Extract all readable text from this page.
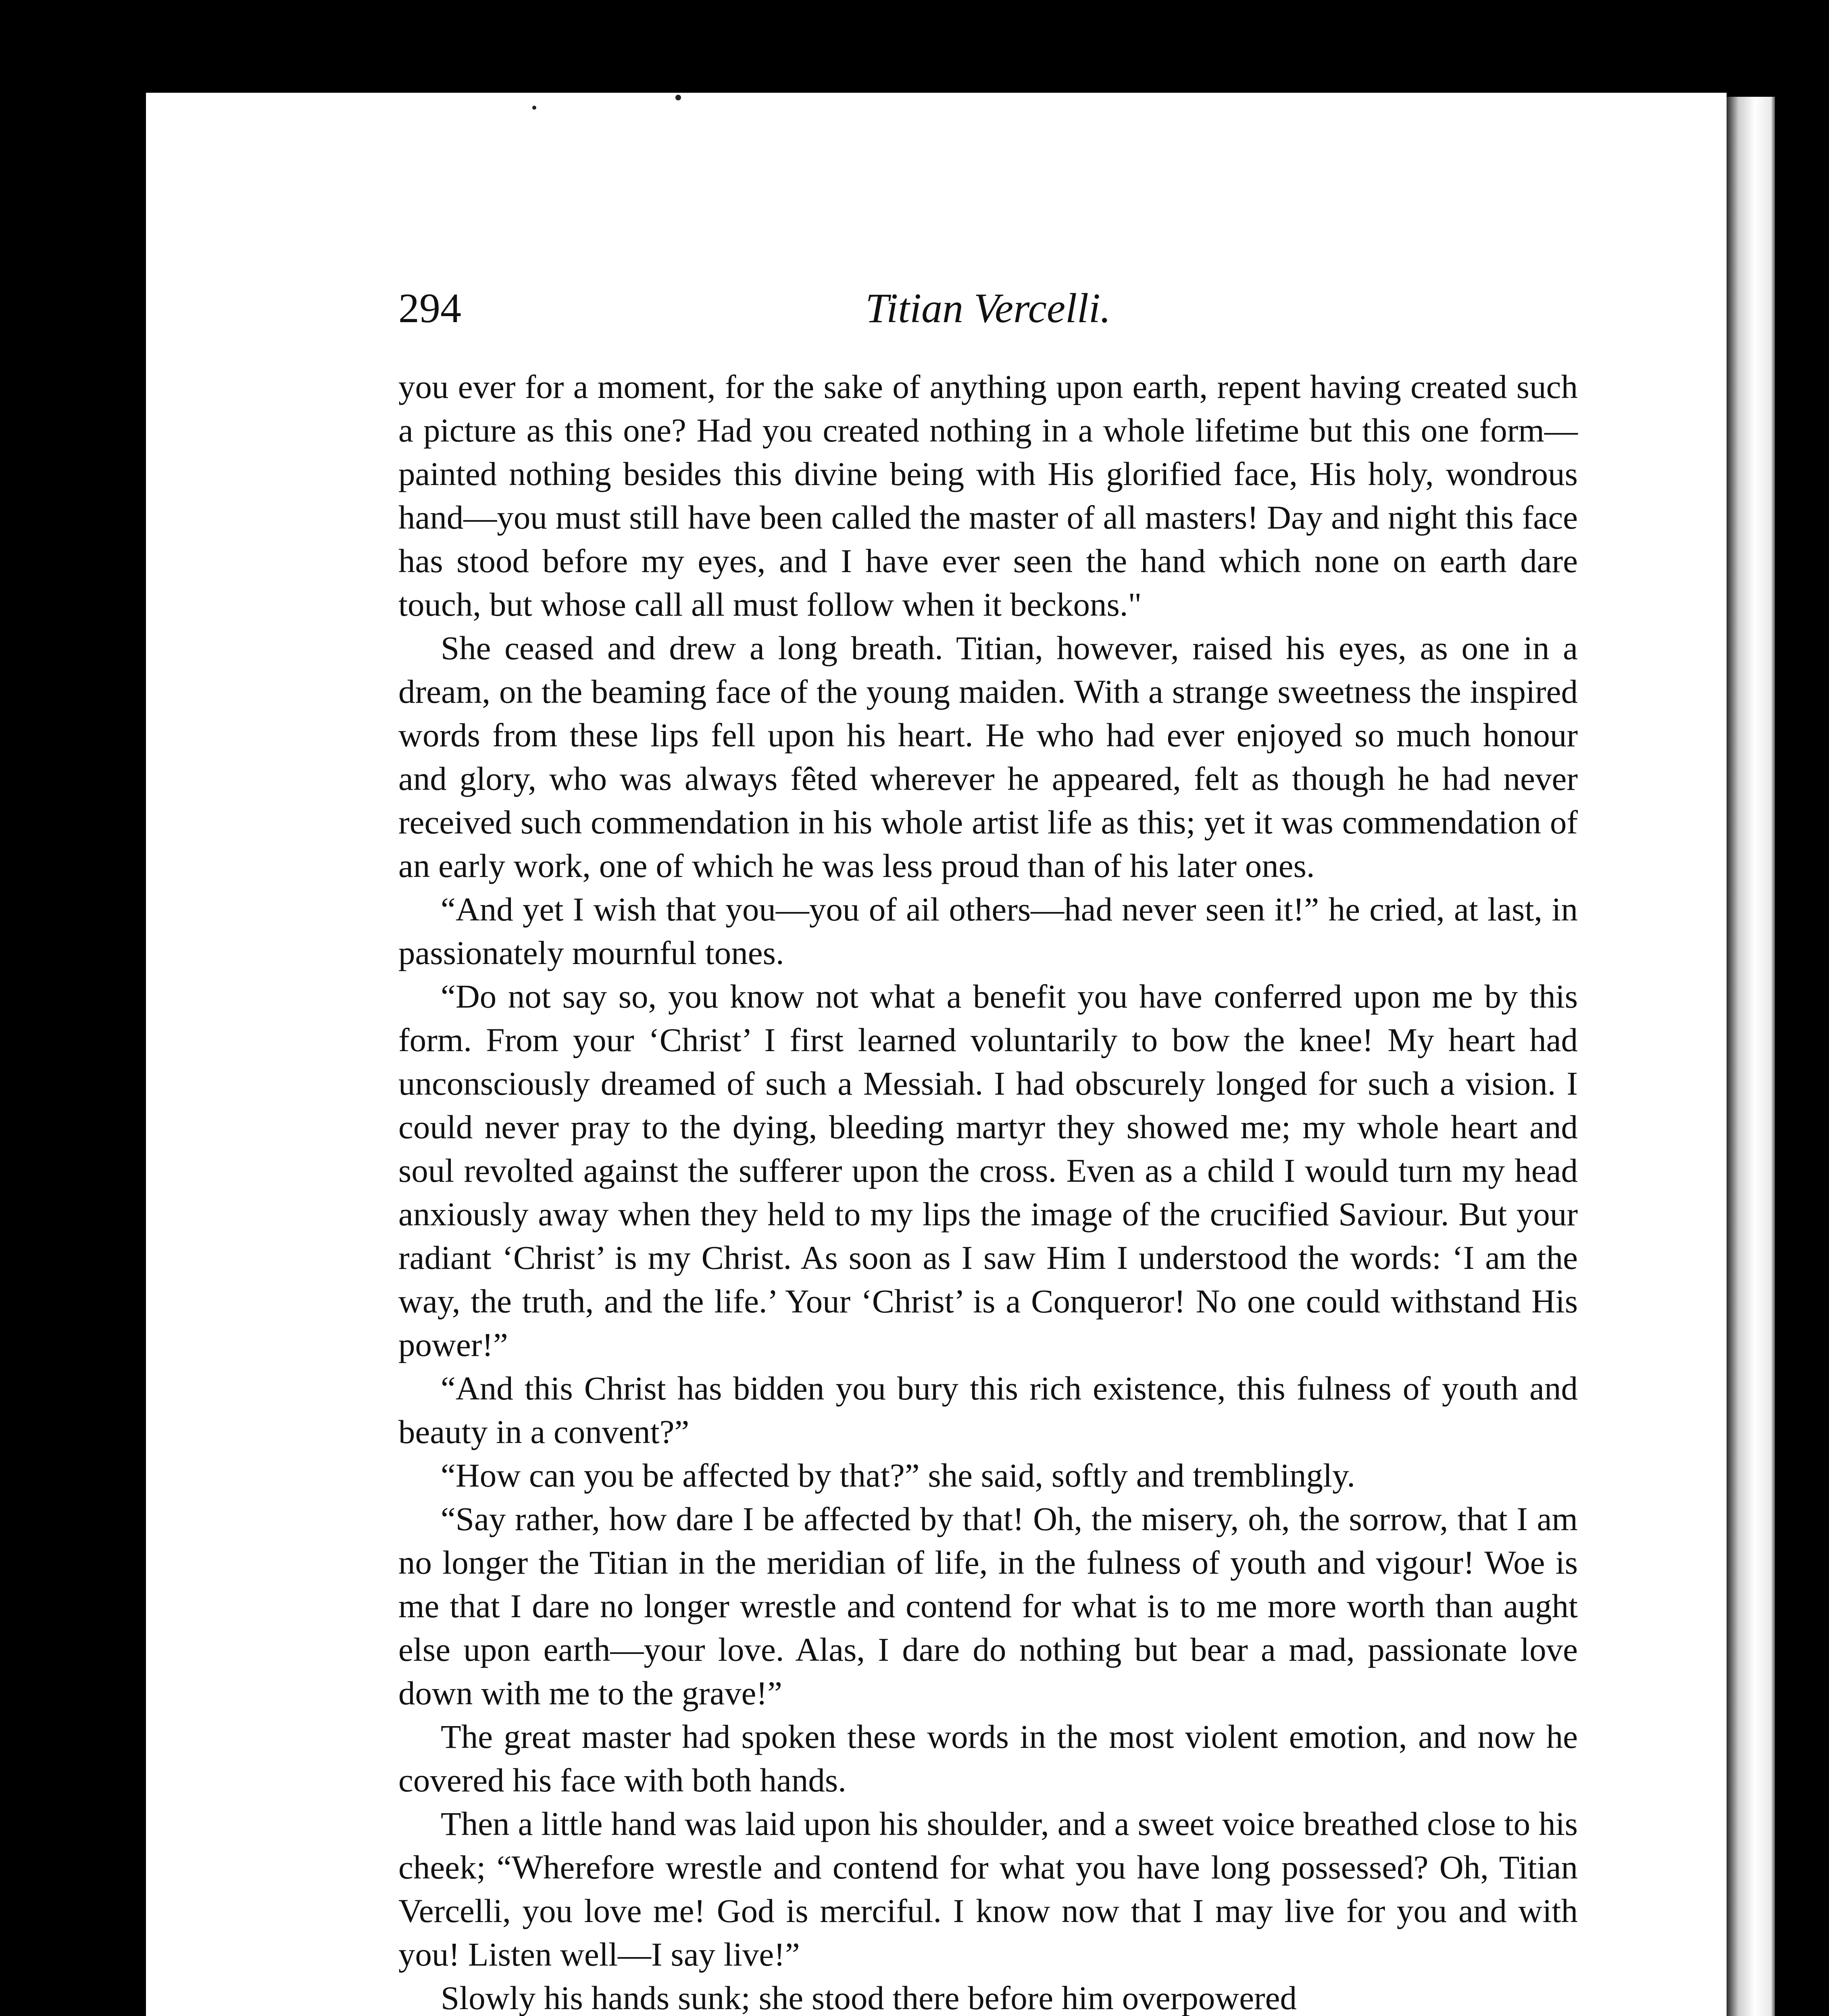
294	Titian Vercelli.

you ever for a moment, for the sake of anything upon earth, repent having created such a picture as this one? Had you created nothing in a whole lifetime but this one form—painted nothing besides this divine being with His glorified face, His holy, wondrous hand—you must still have been called the master of all masters! Day and night this face has stood before my eyes, and I have ever seen the hand which none on earth dare touch, but whose call all must follow when it beckons."

She ceased and drew a long breath. Titian, however, raised his eyes, as one in a dream, on the beaming face of the young maiden. With a strange sweetness the inspired words from these lips fell upon his heart. He who had ever enjoyed so much honour and glory, who was always fêted wherever he appeared, felt as though he had never received such commendation in his whole artist life as this; yet it was commendation of an early work, one of which he was less proud than of his later ones.

“And yet I wish that you—you of ail others—had never seen it!” he cried, at last, in passionately mournful tones.

“Do not say so, you know not what a benefit you have conferred upon me by this form. From your ‘Christ’ I first learned voluntarily to bow the knee! My heart had unconsciously dreamed of such a Messiah. I had obscurely longed for such a vision. I could never pray to the dying, bleeding martyr they showed me; my whole heart and soul revolted against the sufferer upon the cross. Even as a child I would turn my head anxiously away when they held to my lips the image of the crucified Saviour. But your radiant ‘Christ’ is my Christ. As soon as I saw Him I understood the words: ‘I am the way, the truth, and the life.’ Your ‘Christ’ is a Conqueror! No one could withstand His power!”

“And this Christ has bidden you bury this rich existence, this fulness of youth and beauty in a convent?”

“How can you be affected by that?” she said, softly and tremblingly.

“Say rather, how dare I be affected by that! Oh, the misery, oh, the sorrow, that I am no longer the Titian in the meridian of life, in the fulness of youth and vigour! Woe is me that I dare no longer wrestle and contend for what is to me more worth than aught else upon earth—your love. Alas, I dare do nothing but bear a mad, passionate love down with me to the grave!”

The great master had spoken these words in the most violent emotion, and now he covered his face with both hands.

Then a little hand was laid upon his shoulder, and a sweet voice breathed close to his cheek; “Wherefore wrestle and contend for what you have long possessed? Oh, Titian Vercelli, you love me! God is merciful. I know now that I may live for you and with you! Listen well—I say live!”

Slowly his hands sunk; she stood there before him overpowered
